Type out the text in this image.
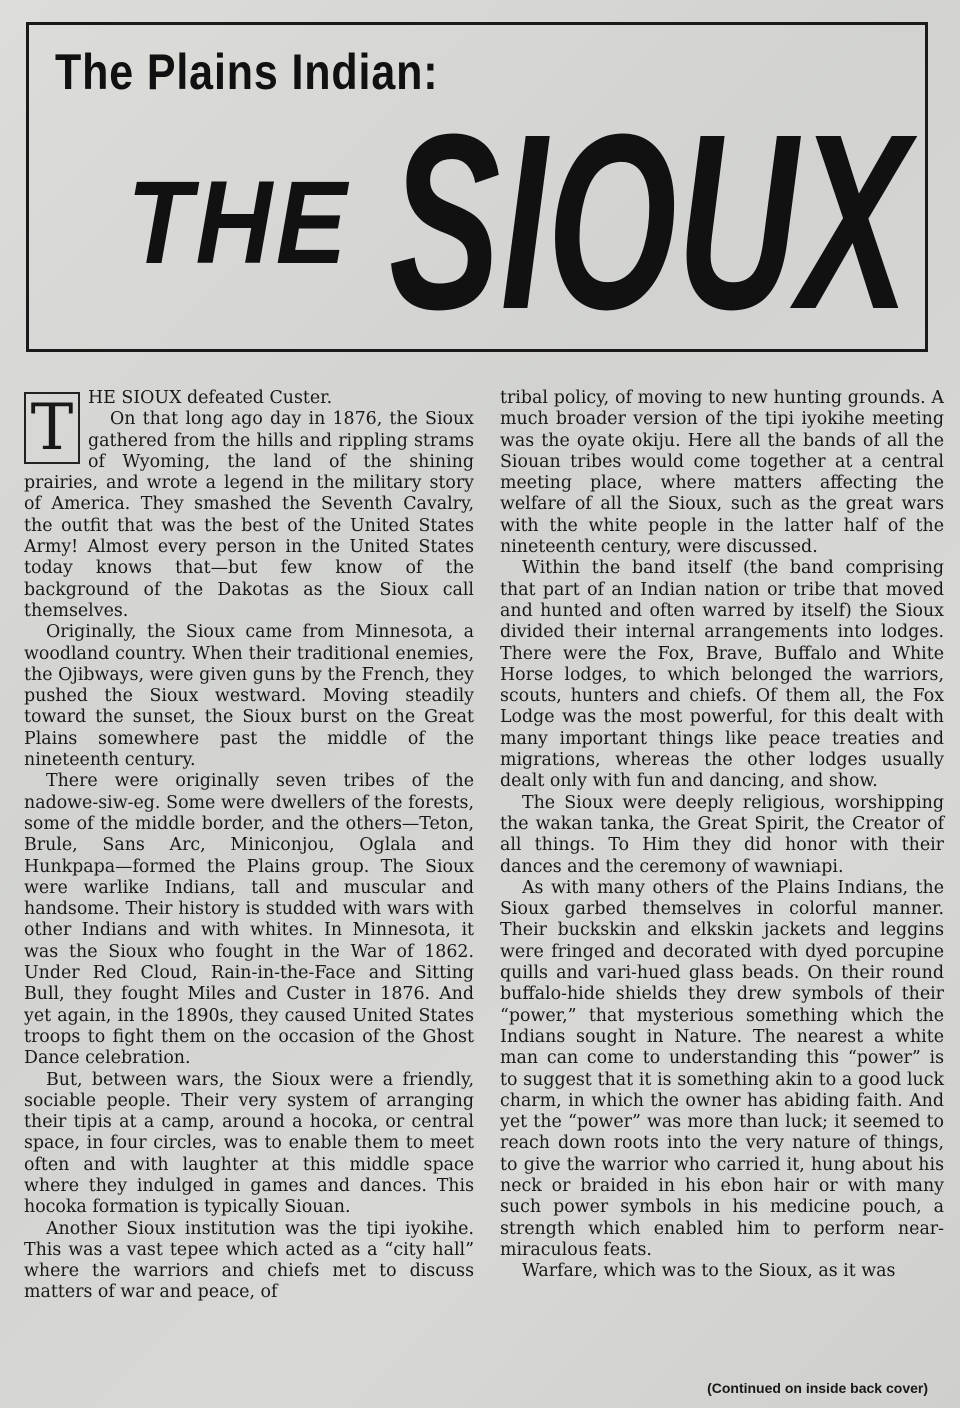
The Plains Indian:
THE SIOUX

T HE SIOUX defeated Custer.

On that long ago day in 1876, the Sioux gathered from the hills and rippling strams of Wyoming, the land of the shining prairies, and wrote a legend in the military story of America. They smashed the Seventh Cavalry, the outfit that was the best of the United States Army! Almost every person in the United States today knows that—but few know of the background of the Dakotas as the Sioux call themselves.

Originally, the Sioux came from Minnesota, a woodland country. When their traditional enemies, the Ojibways, were given guns by the French, they pushed the Sioux westward. Moving steadily toward the sunset, the Sioux burst on the Great Plains somewhere past the middle of the nineteenth century.

There were originally seven tribes of the nadowe-siw-eg. Some were dwellers of the forests, some of the middle border, and the others—Teton, Brule, Sans Arc, Miniconjou, Oglala and Hunkpapa—formed the Plains group. The Sioux were warlike Indians, tall and muscular and handsome. Their history is studded with wars with other Indians and with whites. In Minnesota, it was the Sioux who fought in the War of 1862. Under Red Cloud, Rain-in-the-Face and Sitting Bull, they fought Miles and Custer in 1876. And yet again, in the 1890s, they caused United States troops to fight them on the occasion of the Ghost Dance celebration.

But, between wars, the Sioux were a friendly, sociable people. Their very system of arranging their tipis at a camp, around a hocoka, or central space, in four circles, was to enable them to meet often and with laughter at this middle space where they indulged in games and dances. This hocoka formation is typically Siouan.

Another Sioux institution was the tipi iyokihe. This was a vast tepee which acted as a “city hall” where the warriors and chiefs met to discuss matters of war and peace, of

tribal policy, of moving to new hunting grounds. A much broader version of the tipi iyokihe meeting was the oyate okiju. Here all the bands of all the Siouan tribes would come together at a central meeting place, where matters affecting the welfare of all the Sioux, such as the great wars with the white people in the latter half of the nineteenth century, were discussed.

Within the band itself (the band comprising that part of an Indian nation or tribe that moved and hunted and often warred by itself) the Sioux divided their internal arrangements into lodges. There were the Fox, Brave, Buffalo and White Horse lodges, to which belonged the warriors, scouts, hunters and chiefs. Of them all, the Fox Lodge was the most powerful, for this dealt with many important things like peace treaties and migrations, whereas the other lodges usually dealt only with fun and dancing, and show.

The Sioux were deeply religious, worshipping the wakan tanka, the Great Spirit, the Creator of all things. To Him they did honor with their dances and the ceremony of wawniapi.

As with many others of the Plains Indians, the Sioux garbed themselves in colorful manner. Their buckskin and elkskin jackets and leggins were fringed and decorated with dyed porcupine quills and vari-hued glass beads. On their round buffalo-hide shields they drew symbols of their “power,” that mysterious something which the Indians sought in Nature. The nearest a white man can come to understanding this “power” is to suggest that it is something akin to a good luck charm, in which the owner has abiding faith. And yet the “power” was more than luck; it seemed to reach down roots into the very nature of things, to give the warrior who carried it, hung about his neck or braided in his ebon hair or with many such power symbols in his medicine pouch, a strength which enabled him to perform near-miraculous feats.

Warfare, which was to the Sioux, as it was

(Continued on inside back cover)
